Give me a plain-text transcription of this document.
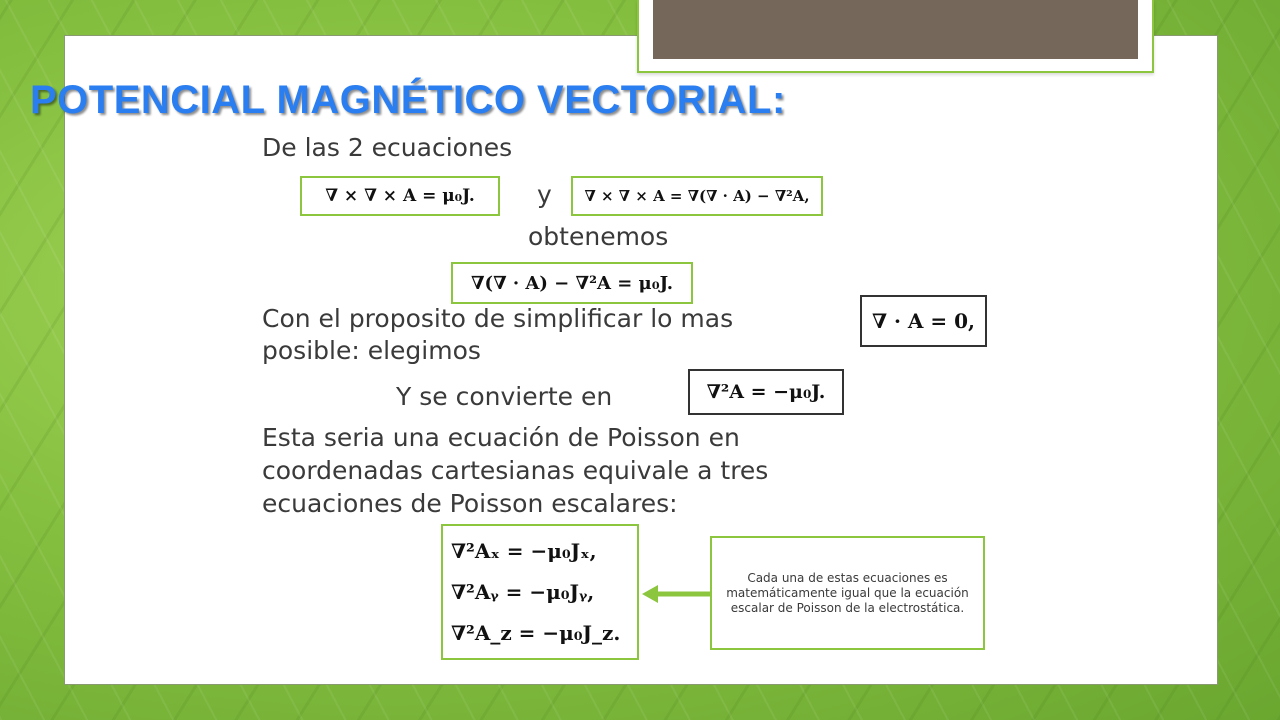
POTENCIAL MAGNÉTICO VECTORIAL:
De las 2 ecuaciones
∇ × ∇ × A = μ₀J.	y	∇ × ∇ × A = ∇(∇ · A) − ∇²A,
obtenemos
∇(∇ · A) − ∇²A = μ₀J.
Con el proposito de simplificar lo mas
posible: elegimos
∇ · A = 0,
Y se convierte en	∇²A = −μ₀J.
Esta seria una ecuación de Poisson en
coordenadas cartesianas equivale a tres
ecuaciones de Poisson escalares:
∇²Aₓ = −μ₀Jₓ,
∇²Aᵧ = −μ₀Jᵧ,
∇²A_z = −μ₀J_z.
Cada una de estas ecuaciones es matemáticamente igual que la ecuación escalar de Poisson de la electrostática.
